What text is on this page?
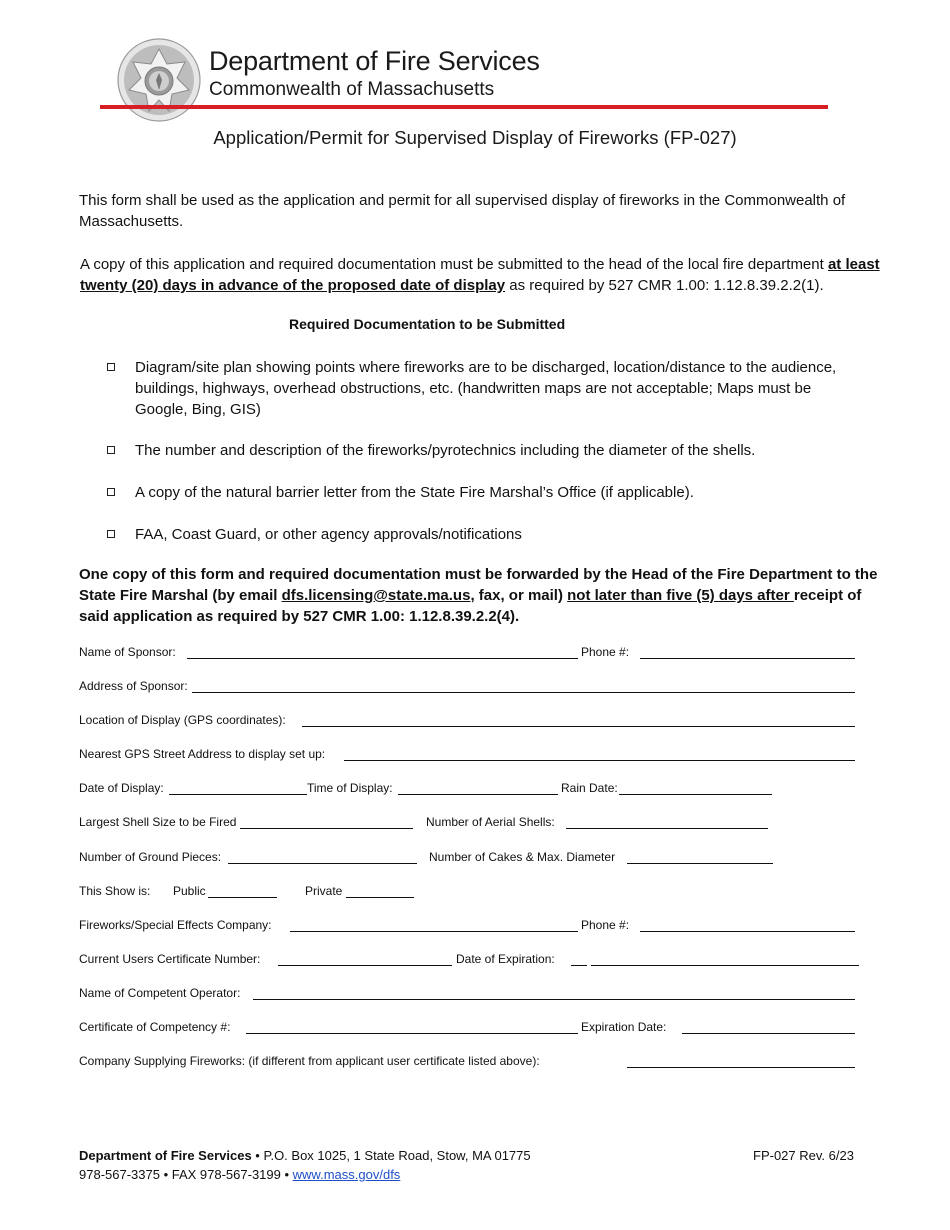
Department of Fire Services
Commonwealth of Massachusetts
Application/Permit for Supervised Display of Fireworks (FP-027)
This form shall be used as the application and permit for all supervised display of fireworks in the Commonwealth of Massachusetts.
A copy of this application and required documentation must be submitted to the head of the local fire department at least twenty (20) days in advance of the proposed date of display as required by 527 CMR 1.00: 1.12.8.39.2.2(1).
Required Documentation to be Submitted
Diagram/site plan showing points where fireworks are to be discharged, location/distance to the audience, buildings, highways, overhead obstructions, etc. (handwritten maps are not acceptable; Maps must be Google, Bing, GIS)
The number and description of the fireworks/pyrotechnics including the diameter of the shells.
A copy of the natural barrier letter from the State Fire Marshal’s Office (if applicable).
FAA, Coast Guard, or other agency approvals/notifications
One copy of this form and required documentation must be forwarded by the Head of the Fire Department to the State Fire Marshal (by email dfs.licensing@state.ma.us, fax, or mail) not later than five (5) days after receipt of said application as required by 527 CMR 1.00: 1.12.8.39.2.2(4).
Name of Sponsor:	Phone #:
Address of Sponsor:
Location of Display (GPS coordinates):
Nearest GPS Street Address to display set up:
Date of Display:	Time of Display:	Rain Date:
Largest Shell Size to be Fired	Number of Aerial Shells:
Number of Ground Pieces:	Number of Cakes & Max. Diameter
This Show is: Public	Private
Fireworks/Special Effects Company:	Phone #:
Current Users Certificate Number:	Date of Expiration:
Name of Competent Operator:
Certificate of Competency #:	Expiration Date:
Company Supplying Fireworks: (if different from applicant user certificate listed above):
Department of Fire Services • P.O. Box 1025, 1 State Road, Stow, MA 01775
978-567-3375 • FAX 978-567-3199 • www.mass.gov/dfs
FP-027 Rev. 6/23
